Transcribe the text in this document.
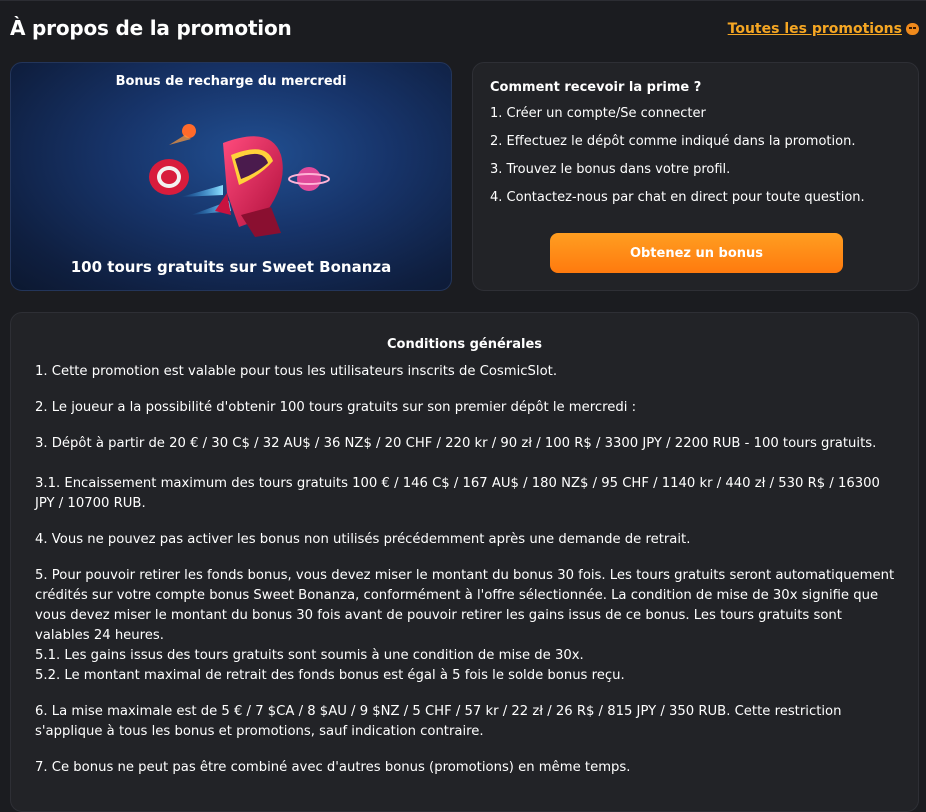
À propos de la promotion	Toutes les promotions
Bonus de recharge du mercredi
100 tours gratuits sur Sweet Bonanza
Comment recevoir la prime ?
1. Créer un compte/Se connecter
2. Effectuez le dépôt comme indiqué dans la promotion.
3. Trouvez le bonus dans votre profil.
4. Contactez-nous par chat en direct pour toute question.
Obtenez un bonus
Conditions générales
1. Cette promotion est valable pour tous les utilisateurs inscrits de CosmicSlot.
2. Le joueur a la possibilité d'obtenir 100 tours gratuits sur son premier dépôt le mercredi :
3. Dépôt à partir de 20 € / 30 C$ / 32 AU$ / 36 NZ$ / 20 CHF / 220 kr / 90 zł / 100 R$ / 3300 JPY / 2200 RUB - 100 tours gratuits.
3.1. Encaissement maximum des tours gratuits 100 € / 146 C$ / 167 AU$ / 180 NZ$ / 95 CHF / 1140 kr / 440 zł / 530 R$ / 16300 JPY / 10700 RUB.
4. Vous ne pouvez pas activer les bonus non utilisés précédemment après une demande de retrait.
5. Pour pouvoir retirer les fonds bonus, vous devez miser le montant du bonus 30 fois. Les tours gratuits seront automatiquement crédités sur votre compte bonus Sweet Bonanza, conformément à l'offre sélectionnée. La condition de mise de 30x signifie que vous devez miser le montant du bonus 30 fois avant de pouvoir retirer les gains issus de ce bonus. Les tours gratuits sont valables 24 heures.
5.1. Les gains issus des tours gratuits sont soumis à une condition de mise de 30x.
5.2. Le montant maximal de retrait des fonds bonus est égal à 5 fois le solde bonus reçu.
6. La mise maximale est de 5 € / 7 $CA / 8 $AU / 9 $NZ / 5 CHF / 57 kr / 22 zł / 26 R$ / 815 JPY / 350 RUB. Cette restriction s'applique à tous les bonus et promotions, sauf indication contraire.
7. Ce bonus ne peut pas être combiné avec d'autres bonus (promotions) en même temps.
